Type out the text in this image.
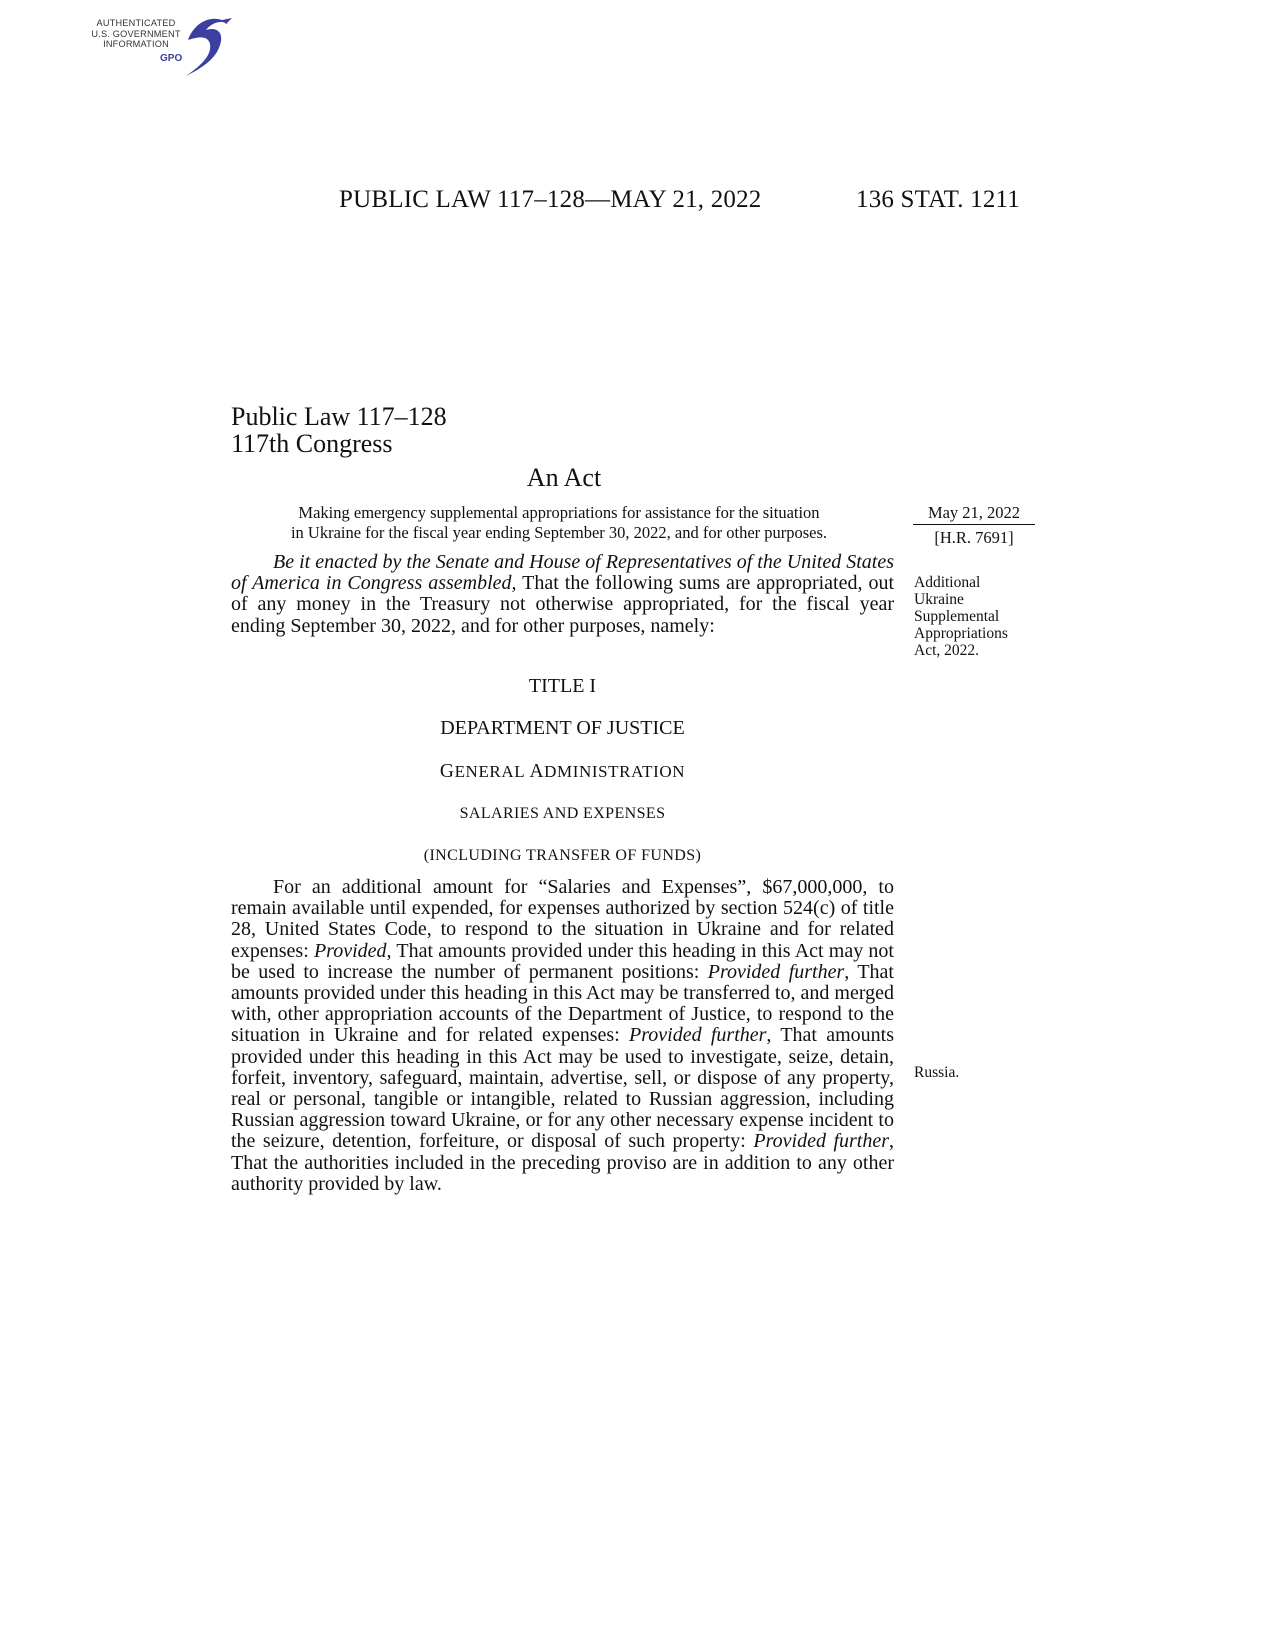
AUTHENTICATED
U.S. GOVERNMENT
INFORMATION
GPO
PUBLIC LAW 117–128—MAY 21, 2022	136 STAT. 1211
Public Law 117–128
117th Congress
An Act
Making emergency supplemental appropriations for assistance for the situation
in Ukraine for the fiscal year ending September 30, 2022, and for other purposes.
May 21, 2022
[H.R. 7691]

Be it enacted by the Senate and House of Representatives of the United States of America in Congress assembled, That the following sums are appropriated, out of any money in the Treasury not otherwise appropriated, for the fiscal year ending September 30, 2022, and for other purposes, namely:

Additional
Ukraine
Supplemental
Appropriations
Act, 2022.
TITLE I
DEPARTMENT OF JUSTICE
GENERAL ADMINISTRATION
SALARIES AND EXPENSES
(INCLUDING TRANSFER OF FUNDS)

For an additional amount for “Salaries and Expenses”, $67,000,000, to remain available until expended, for expenses authorized by section 524(c) of title 28, United States Code, to respond to the situation in Ukraine and for related expenses: Provided, That amounts provided under this heading in this Act may not be used to increase the number of permanent positions: Provided further, That amounts provided under this heading in this Act may be transferred to, and merged with, other appropriation accounts of the Department of Justice, to respond to the situation in Ukraine and for related expenses: Provided further, That amounts provided under this heading in this Act may be used to investigate, seize, detain, forfeit, inventory, safeguard, maintain, advertise, sell, or dispose of any property, real or personal, tangible or intangible, related to Russian aggression, including Russian aggression toward Ukraine, or for any other necessary expense incident to the seizure, detention, forfeiture, or disposal of such property: Provided further, That the authorities included in the preceding proviso are in addition to any other authority provided by law.

Russia.
